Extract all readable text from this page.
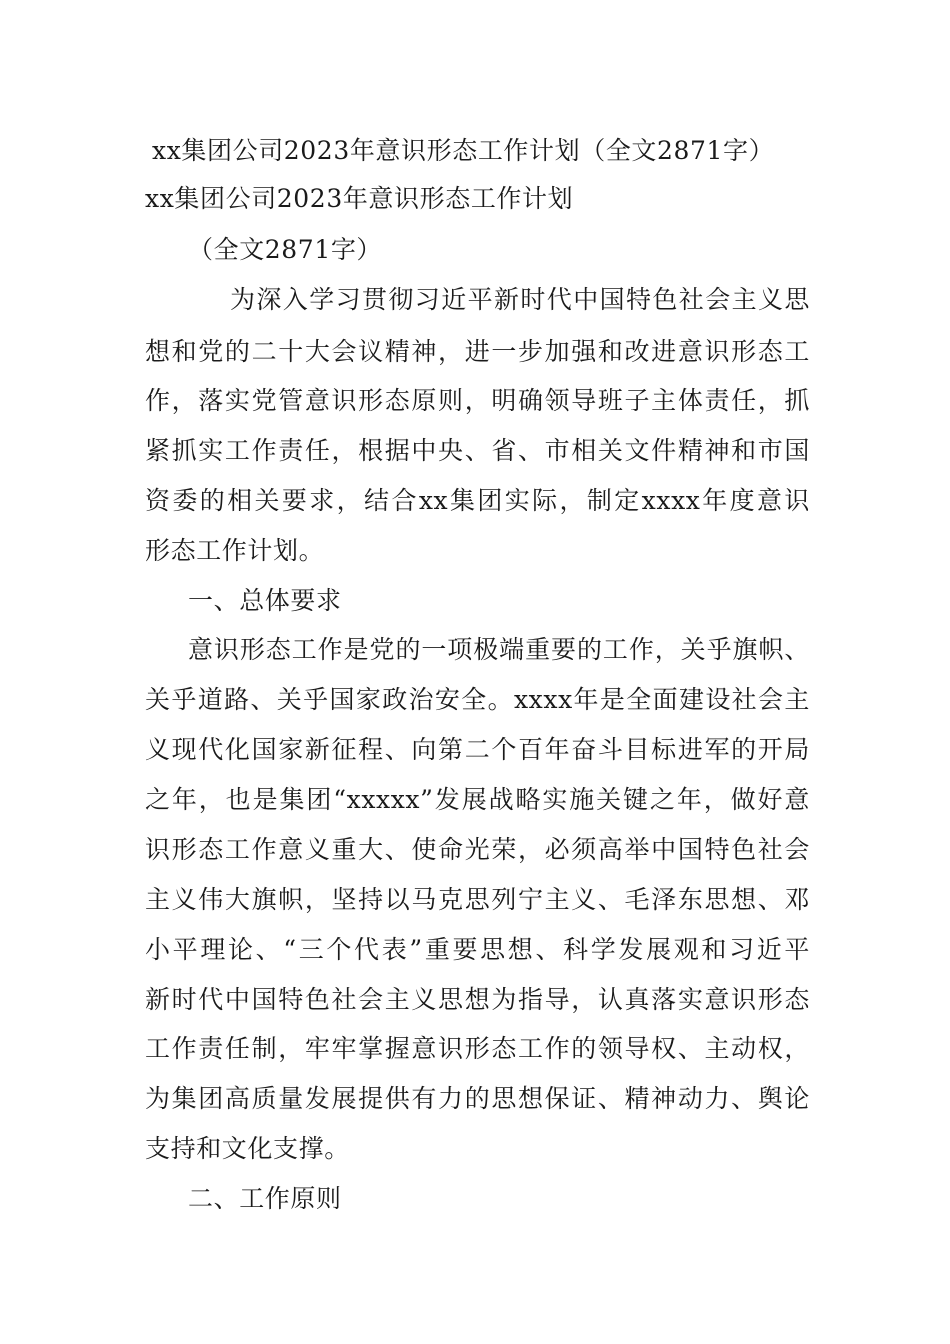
xx集团公司2023年意识形态工作计划（全文2871字）
xx集团公司2023年意识形态工作计划
（全文2871字）
为深入学习贯彻习近平新时代中国特色社会主义思
想和党的二十大会议精神，进一步加强和改进意识形态工
作，落实党管意识形态原则，明确领导班子主体责任，抓
紧抓实工作责任，根据中央、省、市相关文件精神和市国
资委的相关要求，结合xx集团实际，制定xxxx年度意识
形态工作计划。
一、总体要求
意识形态工作是党的一项极端重要的工作，关乎旗帜、
关乎道路、关乎国家政治安全。xxxx年是全面建设社会主
义现代化国家新征程、向第二个百年奋斗目标进军的开局
之年，也是集团“xxxxx”发展战略实施关键之年，做好意
识形态工作意义重大、使命光荣，必须高举中国特色社会
主义伟大旗帜，坚持以马克思列宁主义、毛泽东思想、邓
小平理论、“三个代表”重要思想、科学发展观和习近平
新时代中国特色社会主义思想为指导，认真落实意识形态
工作责任制，牢牢掌握意识形态工作的领导权、主动权，
为集团高质量发展提供有力的思想保证、精神动力、舆论
支持和文化支撑。
二、工作原则
